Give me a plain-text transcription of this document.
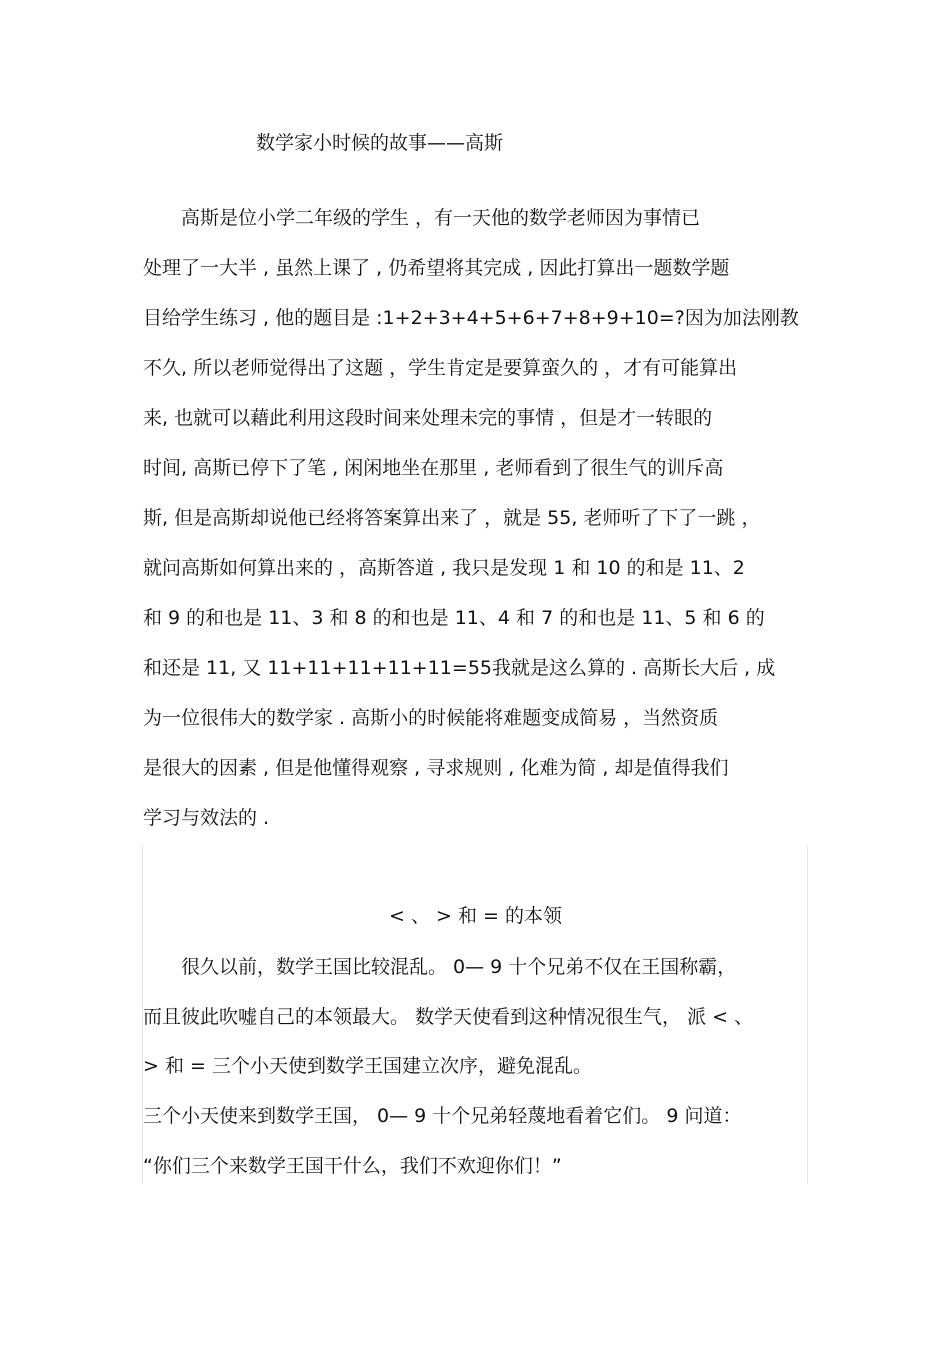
数学家小时候的故事——高斯
　　高斯是位小学二年级的学生 ，有一天他的数学老师因为事情已
处理了一大半 , 虽然上课了 , 仍希望将其完成 , 因此打算出一题数学题
目给学生练习 , 他的题目是 :1+2+3+4+5+6+7+8+9+10=?因为加法刚教
不久, 所以老师觉得出了这题 ，学生肯定是要算蛮久的 ，才有可能算出
来, 也就可以藉此利用这段时间来处理未完的事情 ，但是才一转眼的
时间, 高斯已停下了笔 , 闲闲地坐在那里 , 老师看到了很生气的训斥高
斯, 但是高斯却说他已经将答案算出来了 ，就是 55, 老师听了下了一跳 ，
就问高斯如何算出来的 ，高斯答道 , 我只是发现 1 和 10 的和是 11、2
和 9 的和也是 11、3 和 8 的和也是 11、4 和 7 的和也是 11、5 和 6 的
和还是 11, 又 11+11+11+11+11=55我就是这么算的 . 高斯长大后 , 成
为一位很伟大的数学家 . 高斯小的时候能将难题变成简易 ，当然资质
是很大的因素 , 但是他懂得观察 , 寻求规则 , 化难为简 , 却是值得我们
学习与效法的 .
< 、 > 和 = 的本领
　　很久以前，数学王国比较混乱。 0— 9 十个兄弟不仅在王国称霸，
而且彼此吹嘘自己的本领最大。 数学天使看到这种情况很生气， 派 < 、
> 和 = 三个小天使到数学王国建立次序，避免混乱。
三个小天使来到数学王国， 0— 9 十个兄弟轻蔑地看着它们。 9 问道：
“你们三个来数学王国干什么，我们不欢迎你们！”
